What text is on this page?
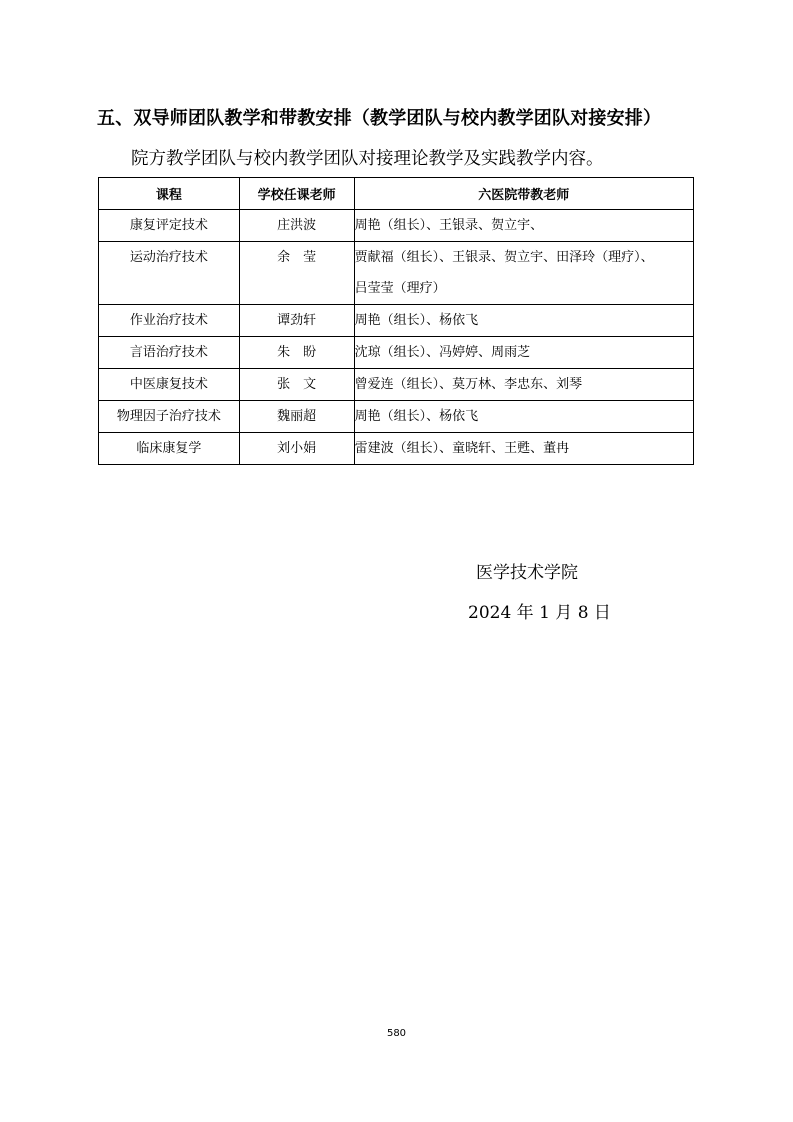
五、双导师团队教学和带教安排（教学团队与校内教学团队对接安排）
院方教学团队与校内教学团队对接理论教学及实践教学内容。
课程	学校任课老师	六医院带教老师
康复评定技术	庄洪波	周艳（组长）、王银录、贺立宇、

运动治疗技术	余　莹	贾献福（组长）、王银录、贺立宇、田泽玲（理疗）、
吕莹莹（理疗）

作业治疗技术	谭劲轩	周艳（组长）、杨依飞

言语治疗技术	朱　盼	沈琼（组长）、冯婷婷、周雨芝

中医康复技术	张　文	曾爱连（组长）、莫万林、李忠东、刘琴

物理因子治疗技术	魏丽超	周艳（组长）、杨依飞

临床康复学	刘小娟	雷建波（组长）、童晓轩、王甦、董冉
医学技术学院
2024 年 1 月 8 日
580
